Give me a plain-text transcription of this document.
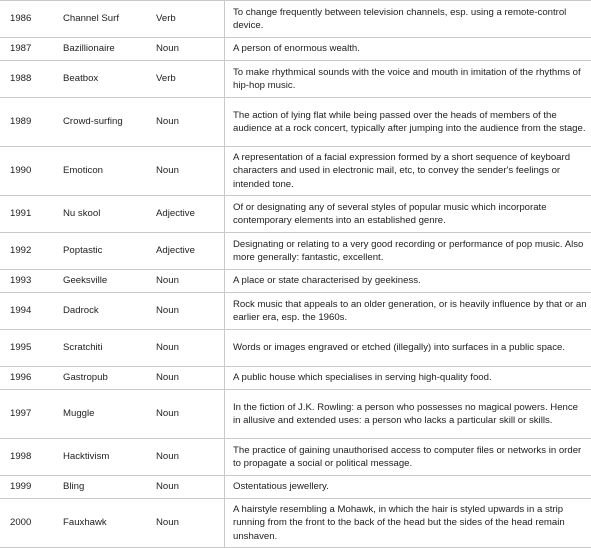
1986	Channel Surf	Verb	To change frequently between television channels, esp. using a remote-control device.
1987	Bazillionaire	Noun	A person of enormous wealth.
1988	Beatbox	Verb	To make rhythmical sounds with the voice and mouth in imitation of the rhythms of hip-hop music.
1989	Crowd-surfing	Noun	The action of lying flat while being passed over the heads of members of the audience at a rock concert, typically after jumping into the audience from the stage.
1990	Emoticon	Noun	A representation of a facial expression formed by a short sequence of keyboard characters and used in electronic mail, etc, to convey the sender's feelings or intended tone.
1991	Nu skool	Adjective	Of or designating any of several styles of popular music which incorporate contemporary elements into an established genre.
1992	Poptastic	Adjective	Designating or relating to a very good recording or performance of pop music. Also more generally: fantastic, excellent.
1993	Geeksville	Noun	A place or state characterised by geekiness.
1994	Dadrock	Noun	Rock music that appeals to an older generation, or is heavily influence by that or an earlier era, esp. the 1960s.
1995	Scratchiti	Noun	Words or images engraved or etched (illegally) into surfaces in a public space.
1996	Gastropub	Noun	A public house which specialises in serving high-quality food.
1997	Muggle	Noun	In the fiction of J.K. Rowling: a person who possesses no magical powers. Hence in allusive and extended uses: a person who lacks a particular skill or skills.
1998	Hacktivism	Noun	The practice of gaining unauthorised access to computer files or networks in order to propagate a social or political message.
1999	Bling	Noun	Ostentatious jewellery.
2000	Fauxhawk	Noun	A hairstyle resembling a Mohawk, in which the hair is styled upwards in a strip running from the front to the back of the head but the sides of the head remain unshaven.
